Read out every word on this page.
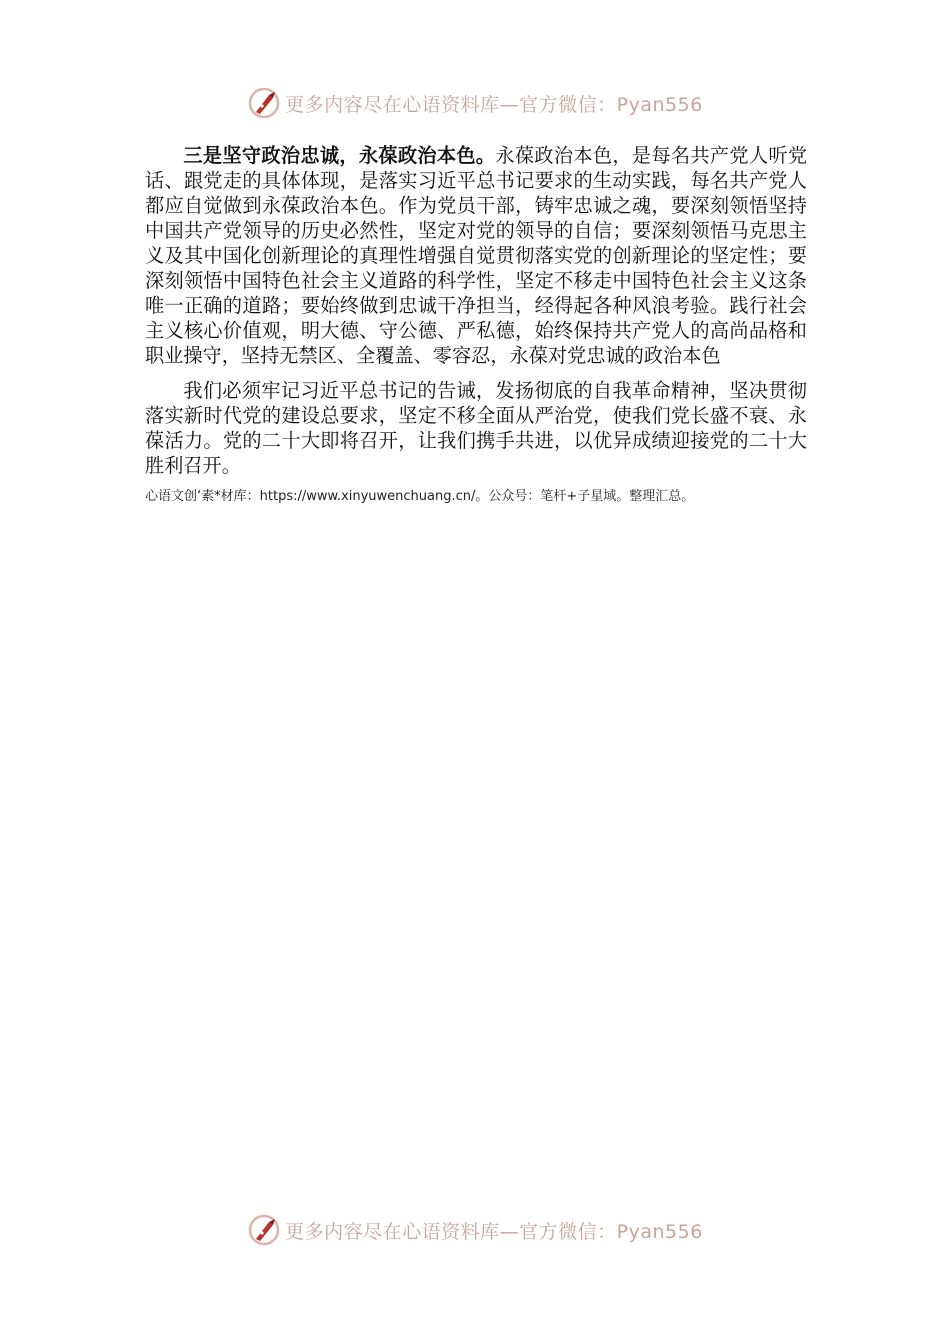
更多内容尽在心语资料库—官方微信：Pyan556

三是坚守政治忠诚，永葆政治本色。永葆政治本色，是每名共产党人听党话、跟党走的具体体现，是落实习近平总书记要求的生动实践，每名共产党人都应自觉做到永葆政治本色。作为党员干部，铸牢忠诚之魂，要深刻领悟坚持中国共产党领导的历史必然性，坚定对党的领导的自信；要深刻领悟马克思主义及其中国化创新理论的真理性增强自觉贯彻落实党的创新理论的坚定性；要深刻领悟中国特色社会主义道路的科学性，坚定不移走中国特色社会主义这条唯一正确的道路；要始终做到忠诚干净担当，经得起各种风浪考验。践行社会主义核心价值观，明大德、守公德、严私德，始终保持共产党人的高尚品格和职业操守，坚持无禁区、全覆盖、零容忍，永葆对党忠诚的政治本色

我们必须牢记习近平总书记的告诫，发扬彻底的自我革命精神，坚决贯彻落实新时代党的建设总要求，坚定不移全面从严治党，使我们党长盛不衰、永葆活力。党的二十大即将召开，让我们携手共进，以优异成绩迎接党的二十大胜利召开。

心语文创‘素*材库：https://www.xinyuwenchuang.cn/。公众号：笔杆+子星域。整理汇总。

更多内容尽在心语资料库—官方微信：Pyan556
